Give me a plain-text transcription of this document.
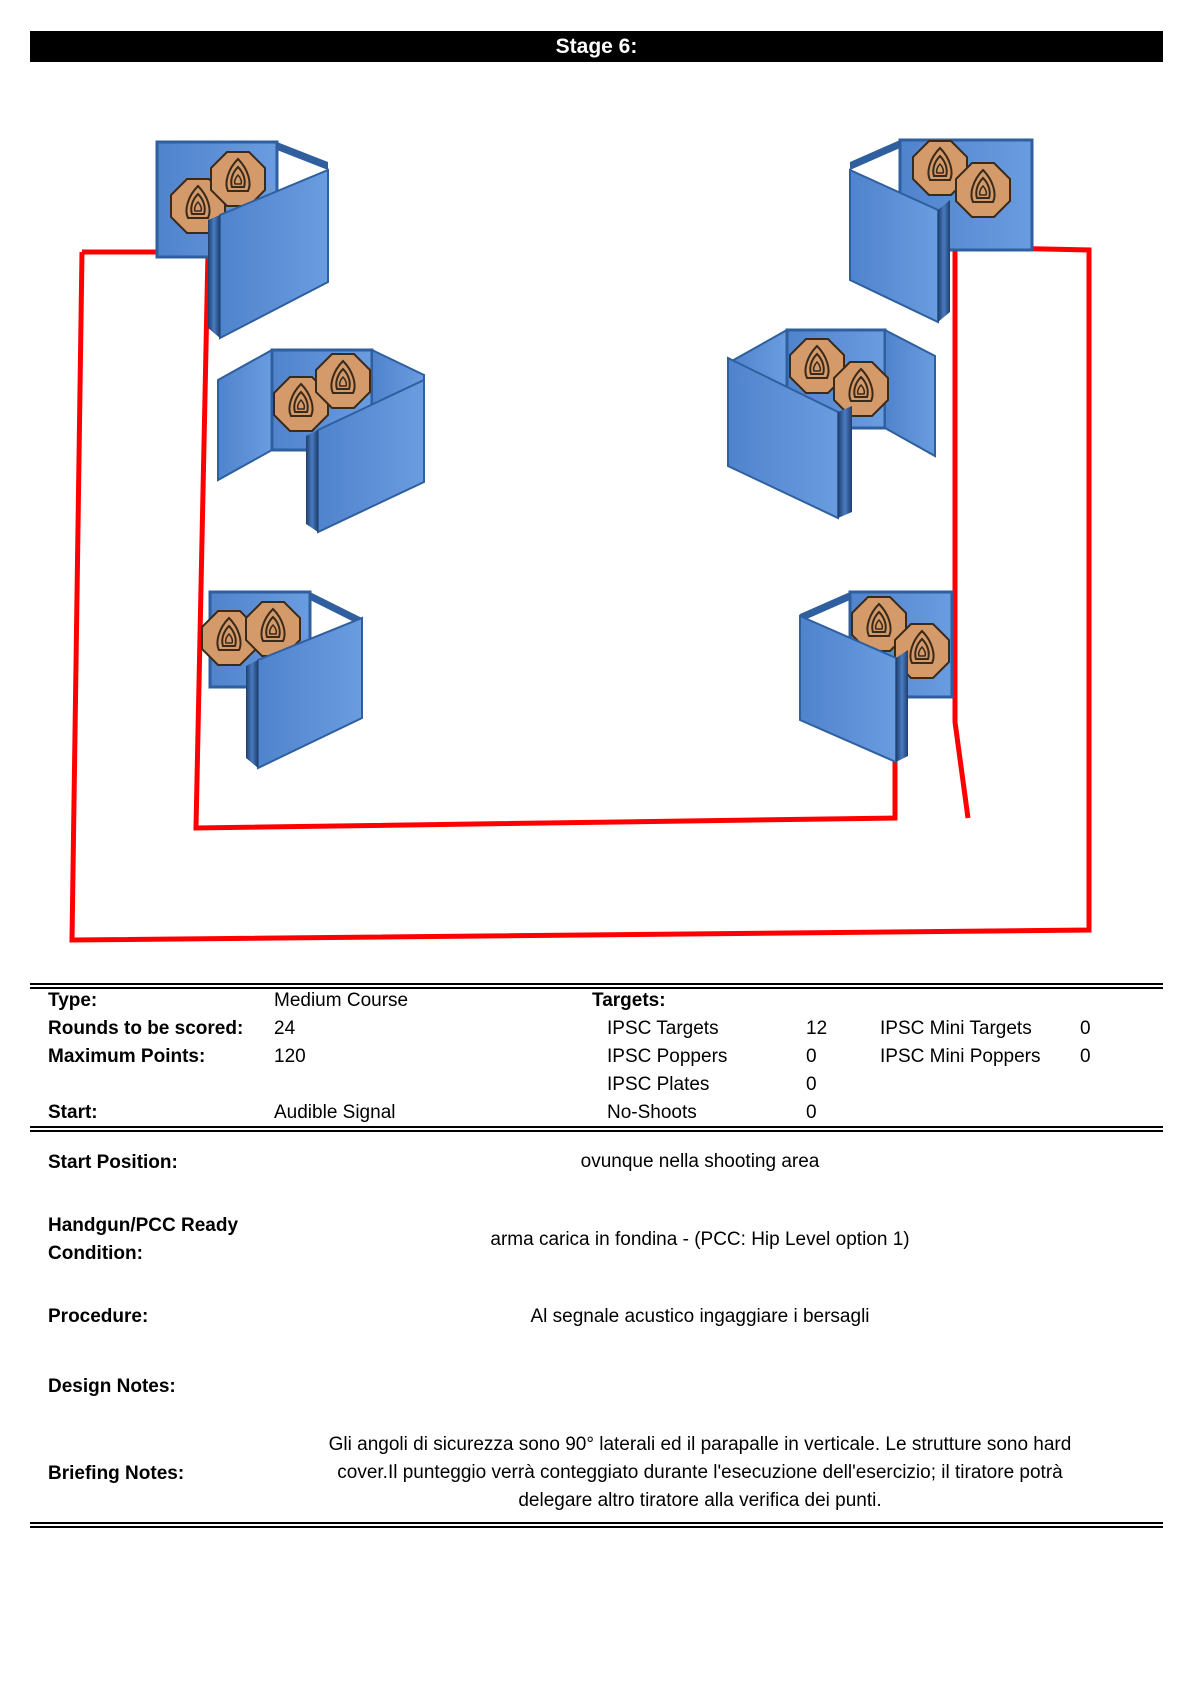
Stage 6:
Type:	Medium Course	Targets:
Rounds to be scored: 24	IPSC Targets	12	IPSC Mini Targets	0
Maximum Points:	120	IPSC Poppers	0	IPSC Mini Poppers 0
IPSC Plates	0
Start:	Audible Signal	No-Shoots	0
Start Position:	ovunque nella shooting area
Handgun/PCC Ready
Condition:
arma carica in fondina - (PCC: Hip Level option 1)
Procedure:	Al segnale acustico ingaggiare i bersagli
Design Notes:
Briefing Notes:
Gli angoli di sicurezza sono 90° laterali ed il parapalle in verticale. Le strutture sono hard
cover.Il punteggio verrà conteggiato durante l'esecuzione dell'esercizio; il tiratore potrà
delegare altro tiratore alla verifica dei punti.
